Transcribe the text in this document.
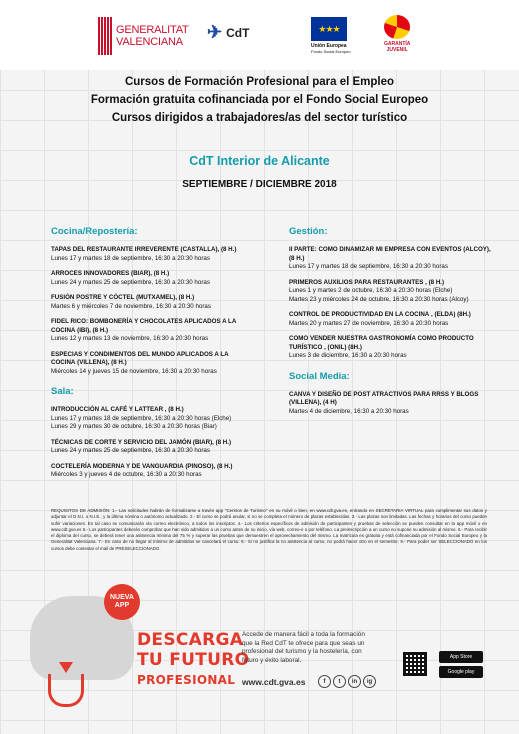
GENERALITAT
VALENCIANA	✈ CdT	★★★
Unión Europea
Fondo Social Europeo
GARANTÍA
JUVENIL
Cursos de Formación Profesional para el Empleo
Formación gratuita cofinanciada por el Fondo Social Europeo
Cursos dirigidos a trabajadores/as del sector turístico
CdT Interior de Alicante
SEPTIEMBRE / DICIEMBRE 2018
Cocina/Repostería:
TAPAS DEL RESTAURANTE IRREVERENTE (CASTALLA), (8 H.)
Lunes 17 y martes 18 de septiembre, 16:30 a 20:30 horas
ARROCES INNOVADORES (BIAR), (8 H.)
Lunes 24 y martes 25 de septiembre, 16:30 a 20:30 horas
FUSIÓN POSTRE Y CÓCTEL (MUTXAMEL), (8 H.)
Martes 6 y miércoles 7 de noviembre, 16:30 a 20:30 horas
FIDEL RICO: BOMBONERÍA Y CHOCOLATES APLICADOS A LA COCINA (IBI), (8 H.)
Lunes 12 y martes 13 de noviembre, 16:30 a 20:30 horas
ESPECIAS Y CONDIMENTOS DEL MUNDO APLICADOS A LA COCINA (VILLENA), (8 H.)
Miércoles 14 y jueves 15 de noviembre, 16:30 a 20:30 horas
Sala:
INTRODUCCIÓN AL CAFÉ Y LATTEAR , (8 H.)
Lunes 17 y martes 18 de septiembre, 16:30 a 20:30 horas (Elche)
Lunes 29 y martes 30 de octubre, 16:30 a 20:30 horas (Biar)
TÉCNICAS DE CORTE Y SERVICIO DEL JAMÓN (BIAR), (8 H.)
Lunes 24 y martes 25 de septiembre, 16:30 a 20:30 horas
COCTELERÍA MODERNA Y DE VANGUARDIA (PINOSO), (8 H.)
Miércoles 3 y jueves 4 de octubre, 16:30 a 20:30 horas
Gestión:
II PARTE: COMO DINAMIZAR MI EMPRESA CON EVENTOS (ALCOY), (8 H.)
Lunes 17 y martes 18 de septiembre, 16:30 a 20:30 horas
PRIMEROS AUXILIOS PARA RESTAURANTES , (8 H.)
Lunes 1 y martes 2 de octubre, 16:30 a 20:30 horas (Elche)
Martes 23 y miércoles 24 de octubre, 16:30 a 20:30 horas (Alcoy)
CONTROL DE PRODUCTIVIDAD EN LA COCINA , (ELDA) (8H.)
Martes 20 y martes 27 de noviembre, 16:30 a 20:30 horas
COMO VENDER NUESTRA GASTRONOMÍA COMO PRODUCTO TURÍSTICO , (ONIL) (8H.)
Lunes 3 de diciembre, 16:30 a 20:30 horas
Social Media:
CANVA Y DISEÑO DE POST ATRACTIVOS PARA RRSS Y BLOGS (VILLENA), (4 H)
Martes 4 de diciembre, 16:30 a 20:30 horas
REQUISITOS DE ADMISIÓN: 1.- Las solicitudes habrán de formalizarse a través app "Centros de Turismo" en su móvil o bien, en www.cdt.gva.es, entrando en SECRETARIA VIRTUAL para cumplimentar sus datos y adjuntar el D.N.I. o N.I.E., y la última nómina o autónomo actualizado. 2.- El curso se podrá anular, si no se completa el número de plazas establecidas. 3.- Las plazas son limitadas. Las fechas y horarios del curso pueden sufrir variaciones. En tal caso se comunicarán vía correo electrónico, a todos los inscriptos. 4.- Los criterios específicos de admisión de participantes y pruebas de selección se pueden consultar en la app móvil o en www.cdt.gva.es 5.- Los participantes deberán comprobar que han sido admitidos a un curso antes de su inicio, vía web, correo-e o por teléfono. La preinscripción a un curso no supone su admisión al mismo. 6.- Para recibir el diploma del curso, se deberá tener una asistencia mínima del 75 % y superar las pruebas que demuestren el aprovechamiento del mismo. La matrícula es gratuita y está cofinanciada por el Fondo Social Europeo y la Generalitat Valenciana. 7.- En caso de no llegar al mínimo de admitidos se cancelará el curso. 8.- Si no justifica la no asistencia al curso, no podrá hacer otro en el semestre. 9.- Para poder ser SELECCIONADO en los cursos debe contestar el mail de PRESELECCIONADO.
NUEVA APP
DESCARGA
TU FUTURO
PROFESIONAL
Accede de manera fácil a toda la formación que la Red CdT te ofrece para que seas un profesional del turismo y la hostelería, con futuro y éxito laboral.
www.cdt.gva.es	f	t	in	ig
App Store
Google play
